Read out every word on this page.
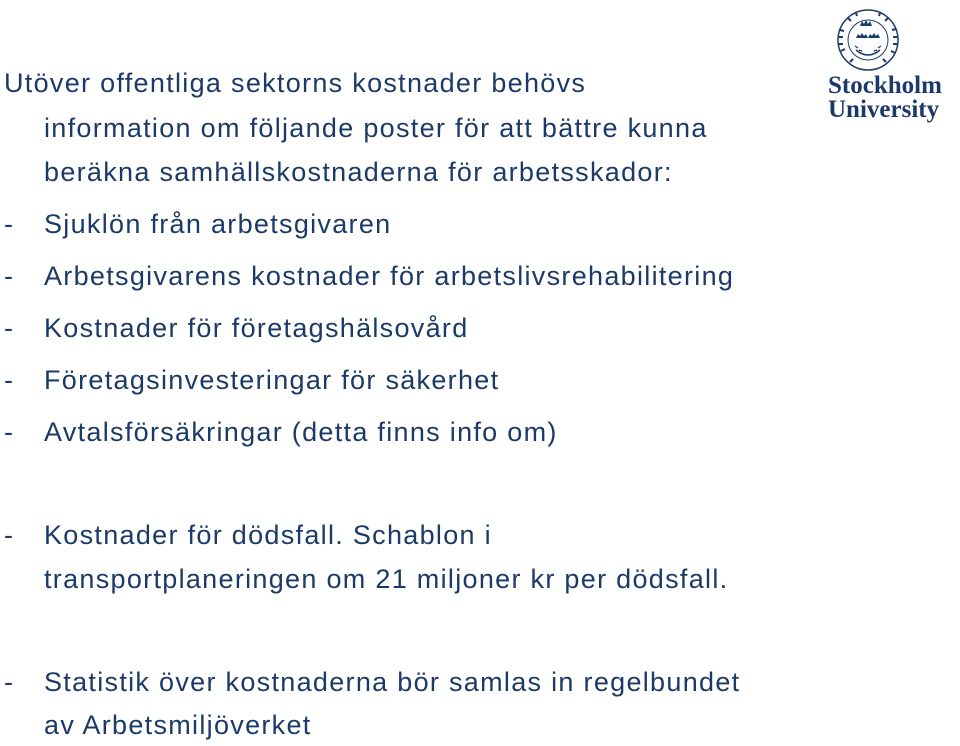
Stockholm
University
Utöver offentliga sektorns kostnader behövs
information om följande poster för att bättre kunna
beräkna samhällskostnaderna för arbetsskador:
- Sjuklön från arbetsgivaren
- Arbetsgivarens kostnader för arbetslivsrehabilitering
- Kostnader för företagshälsovård
- Företagsinvesteringar för säkerhet
- Avtalsförsäkringar (detta finns info om)
- Kostnader för dödsfall. Schablon i
transportplaneringen om 21 miljoner kr per dödsfall.
- Statistik över kostnaderna bör samlas in regelbundet
av Arbetsmiljöverket
